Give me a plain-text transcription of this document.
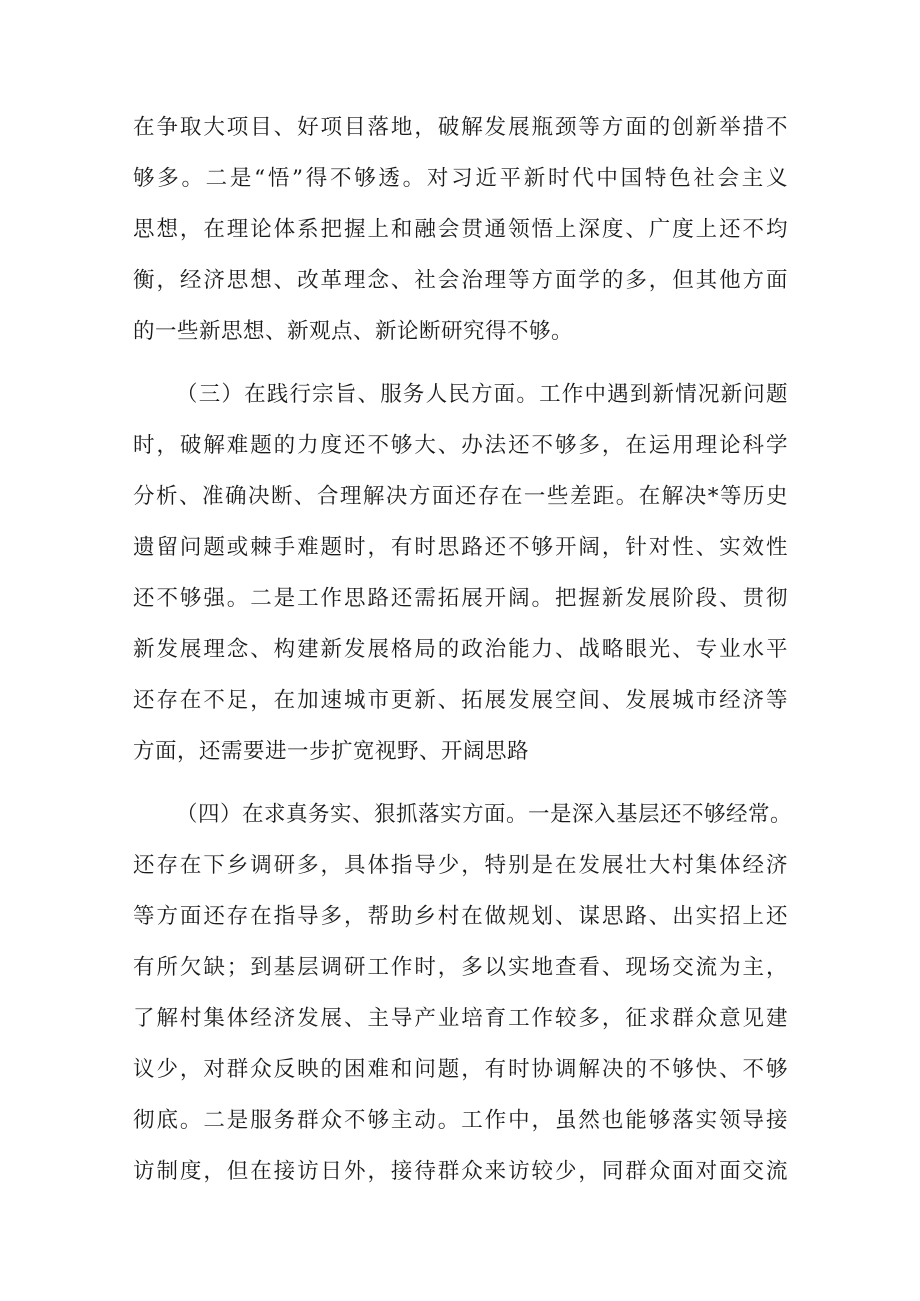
在争取大项目、好项目落地，破解发展瓶颈等方面的创新举措不
够多。二是“悟”得不够透。对习近平新时代中国特色社会主义
思想，在理论体系把握上和融会贯通领悟上深度、广度上还不均
衡，经济思想、改革理念、社会治理等方面学的多，但其他方面
的一些新思想、新观点、新论断研究得不够。
（三）在践行宗旨、服务人民方面。工作中遇到新情况新问题
时，破解难题的力度还不够大、办法还不够多，在运用理论科学
分析、准确决断、合理解决方面还存在一些差距。在解决*等历史
遗留问题或棘手难题时，有时思路还不够开阔，针对性、实效性
还不够强。二是工作思路还需拓展开阔。把握新发展阶段、贯彻
新发展理念、构建新发展格局的政治能力、战略眼光、专业水平
还存在不足，在加速城市更新、拓展发展空间、发展城市经济等
方面，还需要进一步扩宽视野、开阔思路
（四）在求真务实、狠抓落实方面。一是深入基层还不够经常。
还存在下乡调研多，具体指导少，特别是在发展壮大村集体经济
等方面还存在指导多，帮助乡村在做规划、谋思路、出实招上还
有所欠缺；到基层调研工作时，多以实地查看、现场交流为主，
了解村集体经济发展、主导产业培育工作较多，征求群众意见建
议少，对群众反映的困难和问题，有时协调解决的不够快、不够
彻底。二是服务群众不够主动。工作中，虽然也能够落实领导接
访制度，但在接访日外，接待群众来访较少，同群众面对面交流
